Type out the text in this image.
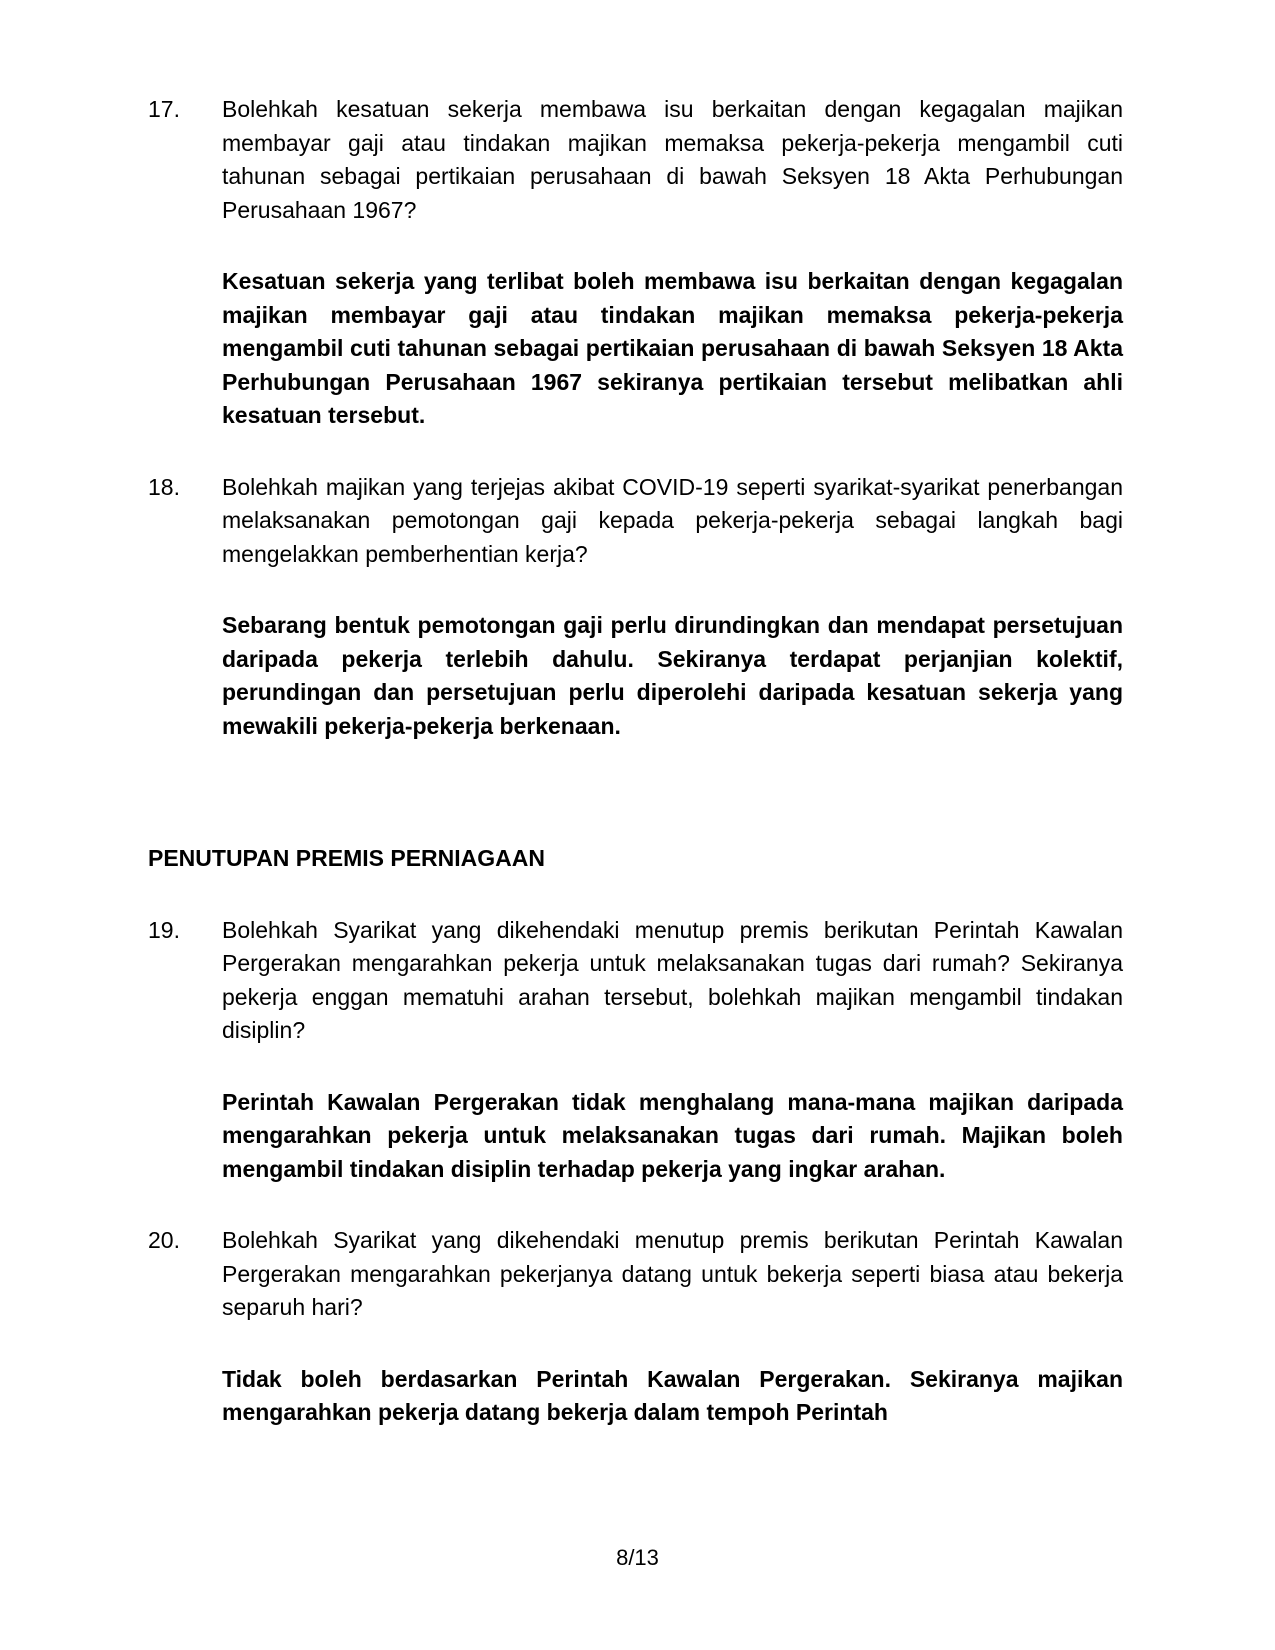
17.	Bolehkah kesatuan sekerja membawa isu berkaitan dengan kegagalan majikan membayar gaji atau tindakan majikan memaksa pekerja-pekerja mengambil cuti tahunan sebagai pertikaian perusahaan di bawah Seksyen 18 Akta Perhubungan Perusahaan 1967?
Kesatuan sekerja yang terlibat boleh membawa isu berkaitan dengan kegagalan majikan membayar gaji atau tindakan majikan memaksa pekerja-pekerja mengambil cuti tahunan sebagai pertikaian perusahaan di bawah Seksyen 18 Akta Perhubungan Perusahaan 1967 sekiranya pertikaian tersebut melibatkan ahli kesatuan tersebut.
18.	Bolehkah majikan yang terjejas akibat COVID-19 seperti syarikat-syarikat penerbangan melaksanakan pemotongan gaji kepada pekerja-pekerja sebagai langkah bagi mengelakkan pemberhentian kerja?
Sebarang bentuk pemotongan gaji perlu dirundingkan dan mendapat persetujuan daripada pekerja terlebih dahulu. Sekiranya terdapat perjanjian kolektif, perundingan dan persetujuan perlu diperolehi daripada kesatuan sekerja yang mewakili pekerja-pekerja berkenaan.
PENUTUPAN PREMIS PERNIAGAAN
19.	Bolehkah Syarikat yang dikehendaki menutup premis berikutan Perintah Kawalan Pergerakan mengarahkan pekerja untuk melaksanakan tugas dari rumah? Sekiranya pekerja enggan mematuhi arahan tersebut, bolehkah majikan mengambil tindakan disiplin?
Perintah Kawalan Pergerakan tidak menghalang mana-mana majikan daripada mengarahkan pekerja untuk melaksanakan tugas dari rumah. Majikan boleh mengambil tindakan disiplin terhadap pekerja yang ingkar arahan.
20.	Bolehkah Syarikat yang dikehendaki menutup premis berikutan Perintah Kawalan Pergerakan mengarahkan pekerjanya datang untuk bekerja seperti biasa atau bekerja separuh hari?
Tidak boleh berdasarkan Perintah Kawalan Pergerakan. Sekiranya majikan mengarahkan pekerja datang bekerja dalam tempoh Perintah
8/13
